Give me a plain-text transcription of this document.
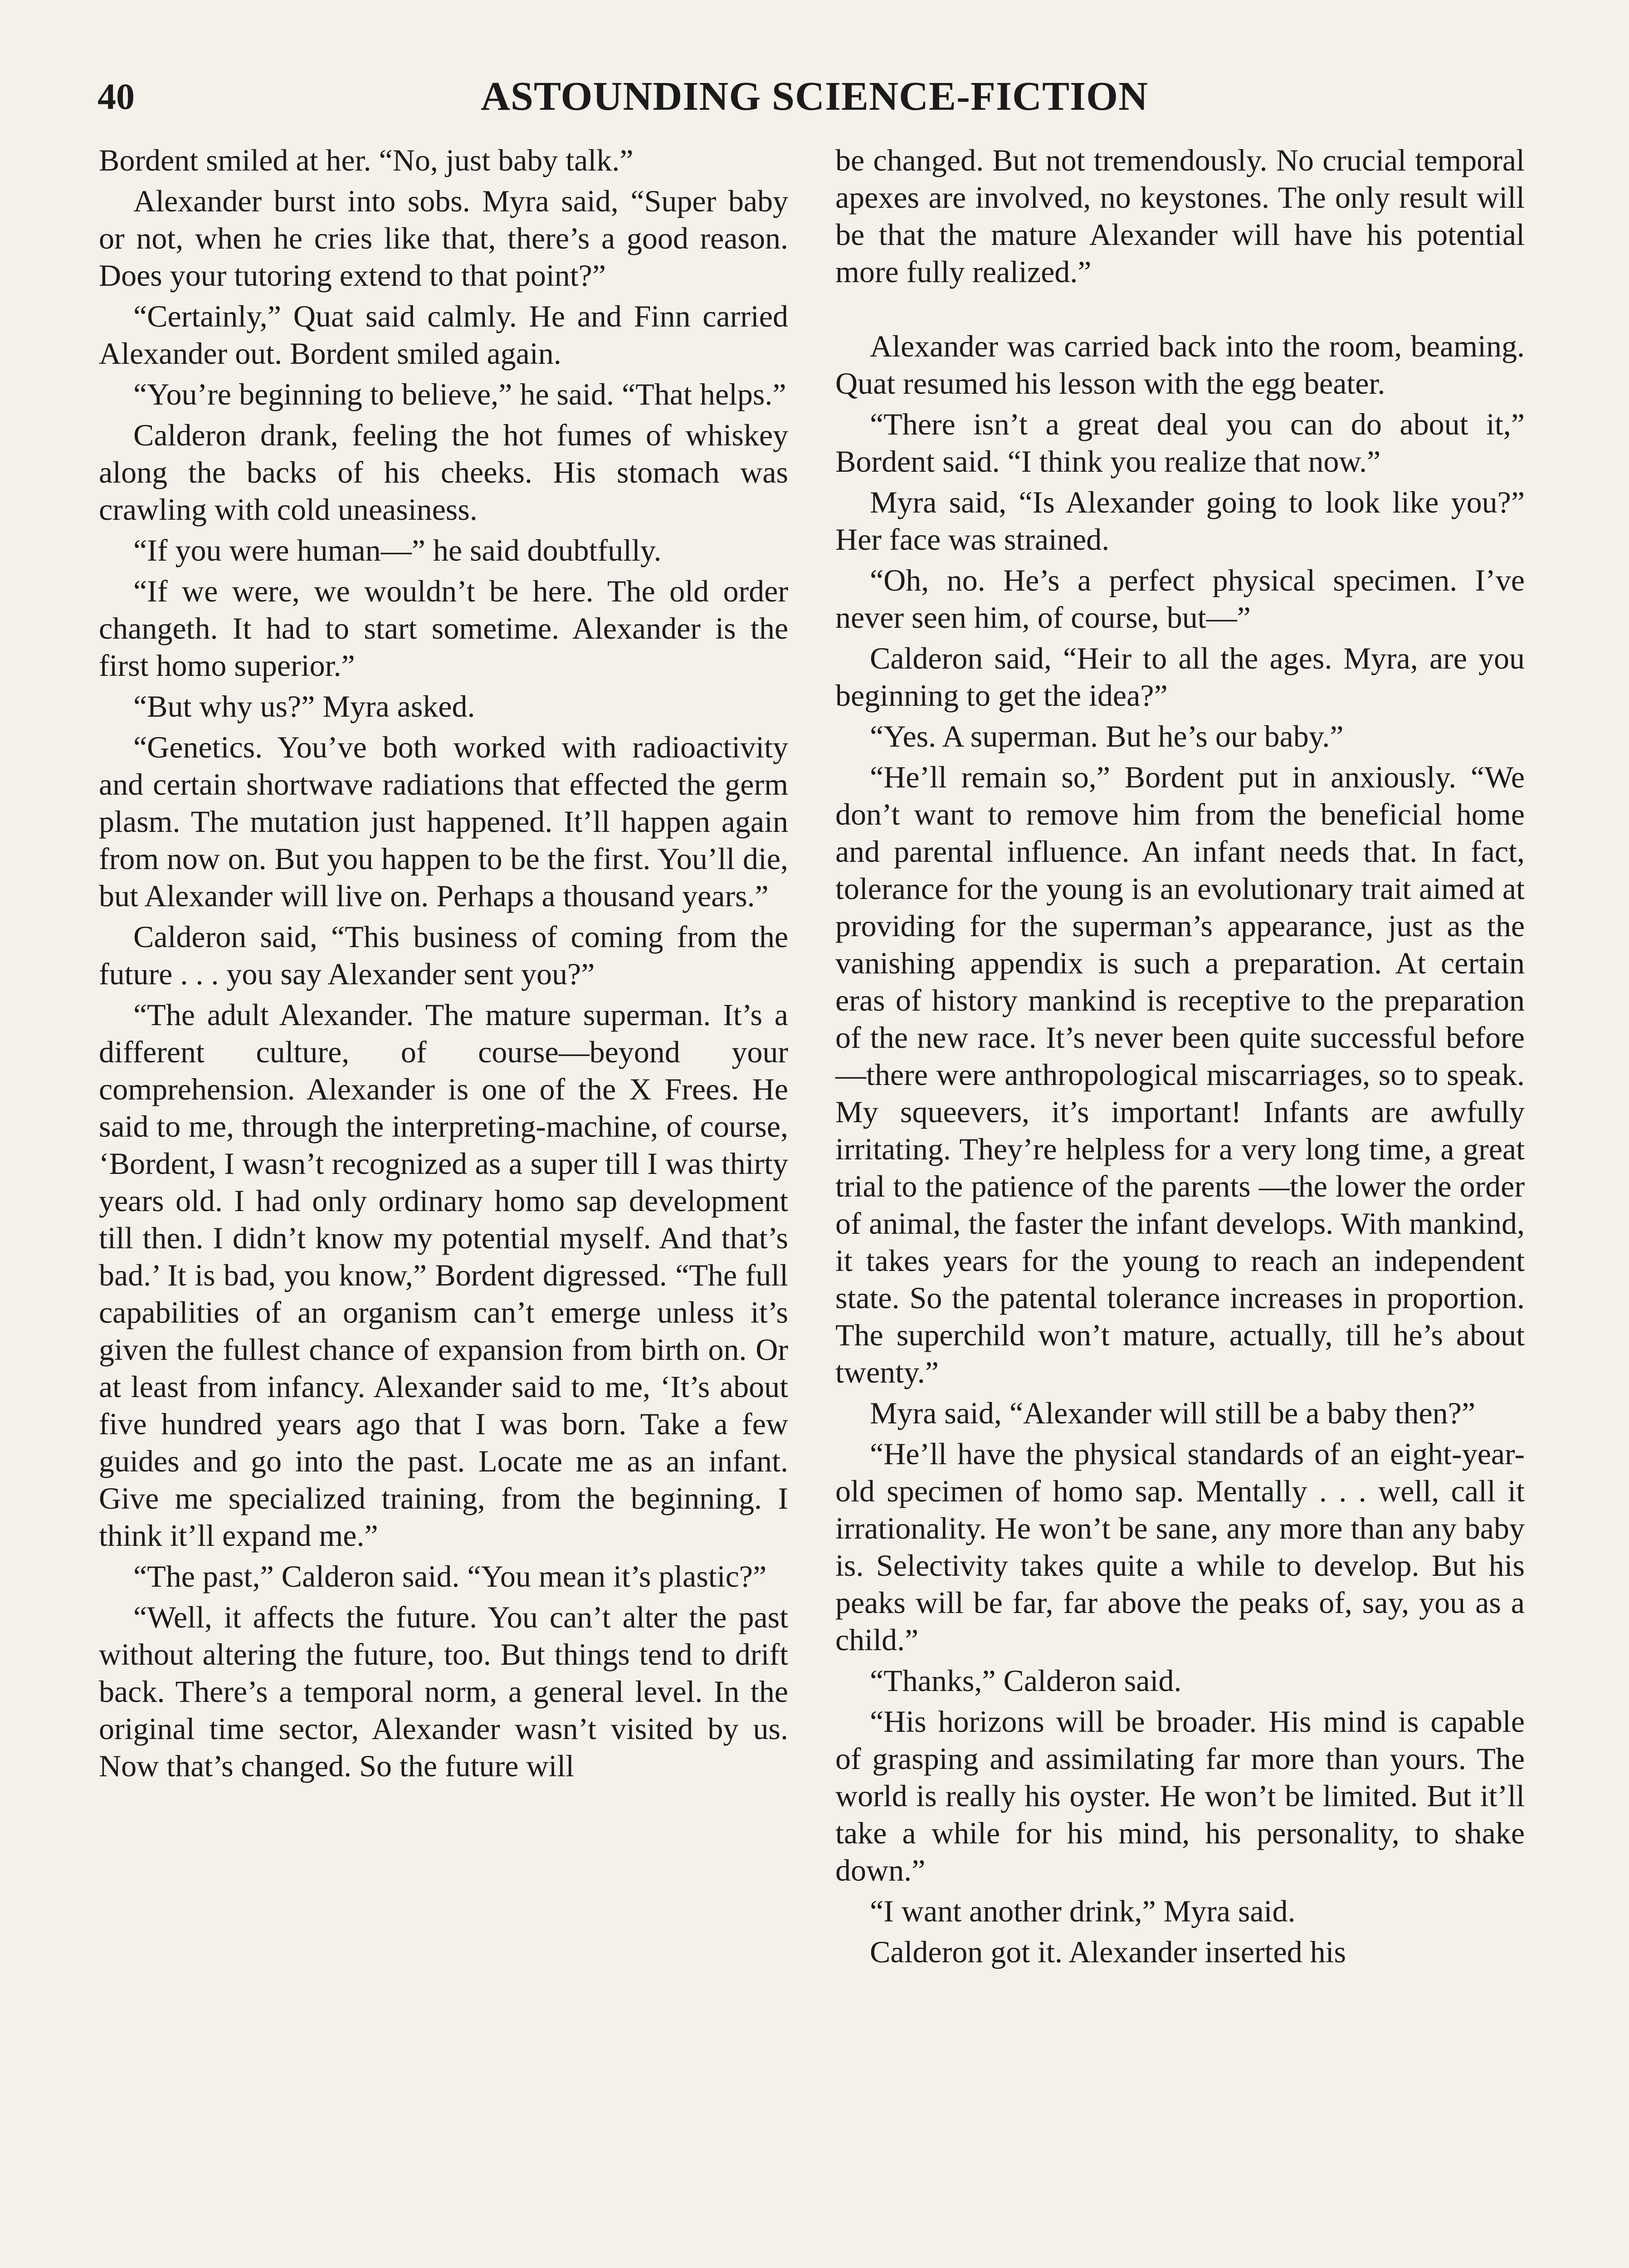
40	ASTOUNDING SCIENCE-FICTION

Bordent smiled at her. “No, just baby talk.”

Alexander burst into sobs. Myra said, “Super baby or not, when he cries like that, there’s a good reason. Does your tutoring extend to that point?”

“Certainly,” Quat said calmly. He and Finn carried Alexander out. Bordent smiled again.

“You’re beginning to believe,” he said. “That helps.”

Calderon drank, feeling the hot fumes of whiskey along the backs of his cheeks. His stomach was crawling with cold uneasiness.

“If you were human—” he said doubtfully.

“If we were, we wouldn’t be here. The old order changeth. It had to start sometime. Alexander is the first homo superior.”

“But why us?” Myra asked.

“Genetics. You’ve both worked with radioactivity and certain shortwave radiations that effected the germ plasm. The mutation just happened. It’ll happen again from now on. But you happen to be the first. You’ll die, but Alexander will live on. Perhaps a thousand years.”

Calderon said, “This business of coming from the future . . . you say Alexander sent you?”

“The adult Alexander. The mature superman. It’s a different culture, of course—beyond your comprehension. Alexander is one of the X Frees. He said to me, through the interpreting-machine, of course, ‘Bordent, I wasn’t recognized as a super till I was thirty years old. I had only ordinary homo sap development till then. I didn’t know my potential myself. And that’s bad.’ It is bad, you know,” Bordent digressed. “The full capabilities of an organism can’t emerge unless it’s given the fullest chance of expansion from birth on. Or at least from infancy. Alexander said to me, ‘It’s about five hundred years ago that I was born. Take a few guides and go into the past. Locate me as an infant. Give me specialized training, from the beginning. I think it’ll expand me.”

“The past,” Calderon said. “You mean it’s plastic?”

“Well, it affects the future. You can’t alter the past without altering the future, too. But things tend to drift back. There’s a temporal norm, a general level. In the original time sector, Alexander wasn’t visited by us. Now that’s changed. So the future will

be changed. But not tremendously. No crucial temporal apexes are involved, no keystones. The only result will be that the mature Alexander will have his potential more fully realized.”

Alexander was carried back into the room, beaming. Quat resumed his lesson with the egg beater.

“There isn’t a great deal you can do about it,” Bordent said. “I think you realize that now.”

Myra said, “Is Alexander going to look like you?” Her face was strained.

“Oh, no. He’s a perfect physical specimen. I’ve never seen him, of course, but—”

Calderon said, “Heir to all the ages. Myra, are you beginning to get the idea?”

“Yes. A superman. But he’s our baby.”

“He’ll remain so,” Bordent put in anxiously. “We don’t want to remove him from the beneficial home and parental influence. An infant needs that. In fact, tolerance for the young is an evolutionary trait aimed at providing for the superman’s appearance, just as the vanishing appendix is such a preparation. At certain eras of history mankind is receptive to the preparation of the new race. It’s never been quite successful before—there were anthropological miscarriages, so to speak. My squeevers, it’s important! Infants are awfully irritating. They’re helpless for a very long time, a great trial to the patience of the parents —the lower the order of animal, the faster the infant develops. With mankind, it takes years for the young to reach an independent state. So the patental tolerance increases in proportion. The superchild won’t mature, actually, till he’s about twenty.”

Myra said, “Alexander will still be a baby then?”

“He’ll have the physical standards of an eight-year-old specimen of homo sap. Mentally . . . well, call it irrationality. He won’t be sane, any more than any baby is. Selectivity takes quite a while to develop. But his peaks will be far, far above the peaks of, say, you as a child.”

“Thanks,” Calderon said.

“His horizons will be broader. His mind is capable of grasping and assimilating far more than yours. The world is really his oyster. He won’t be limited. But it’ll take a while for his mind, his personality, to shake down.”

“I want another drink,” Myra said.

Calderon got it. Alexander inserted his
